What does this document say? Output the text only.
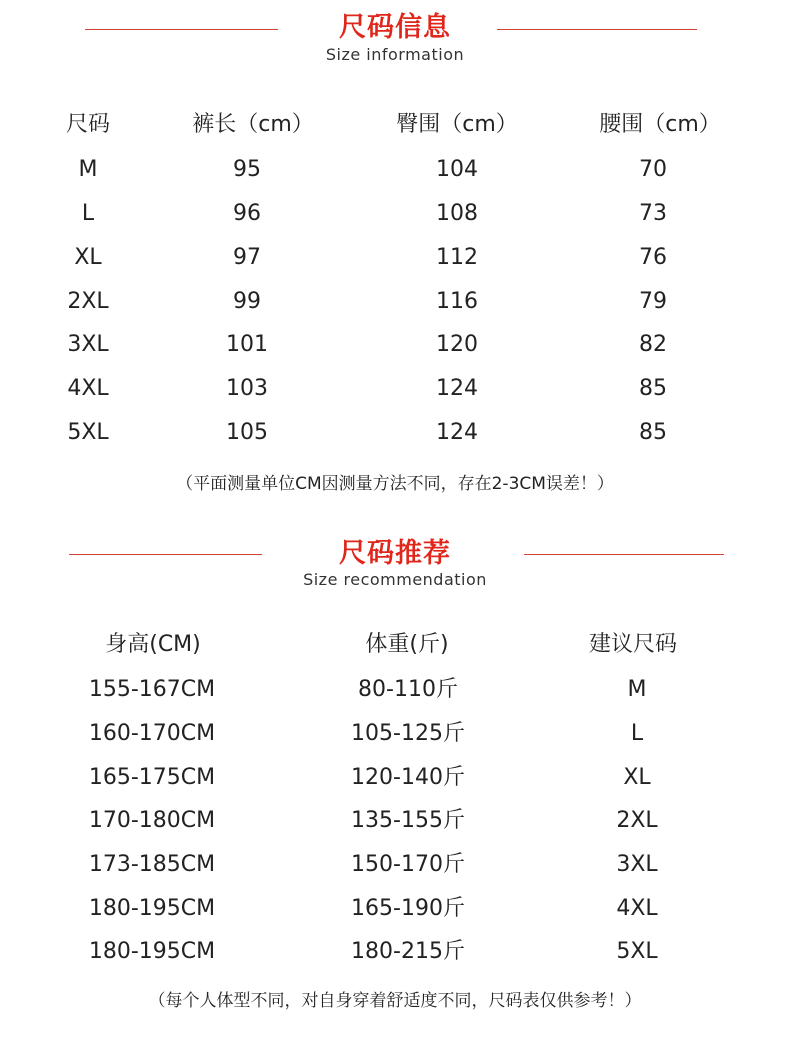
尺码信息
Size information
尺码	裤长（cm）	臀围（cm）	腰围（cm）
M	95	104	70
L	96	108	73
XL	97	112	76
2XL	99	116	79
3XL	101	120	82
4XL	103	124	85
5XL	105	124	85
（平面测量单位CM因测量方法不同，存在2-3CM误差！）
尺码推荐
Size recommendation
身高(CM)	体重(斤)	建议尺码
155-167CM	80-110斤	M
160-170CM	105-125斤	L
165-175CM	120-140斤	XL
170-180CM	135-155斤	2XL
173-185CM	150-170斤	3XL
180-195CM	165-190斤	4XL
180-195CM	180-215斤	5XL
（每个人体型不同，对自身穿着舒适度不同，尺码表仅供参考！）
